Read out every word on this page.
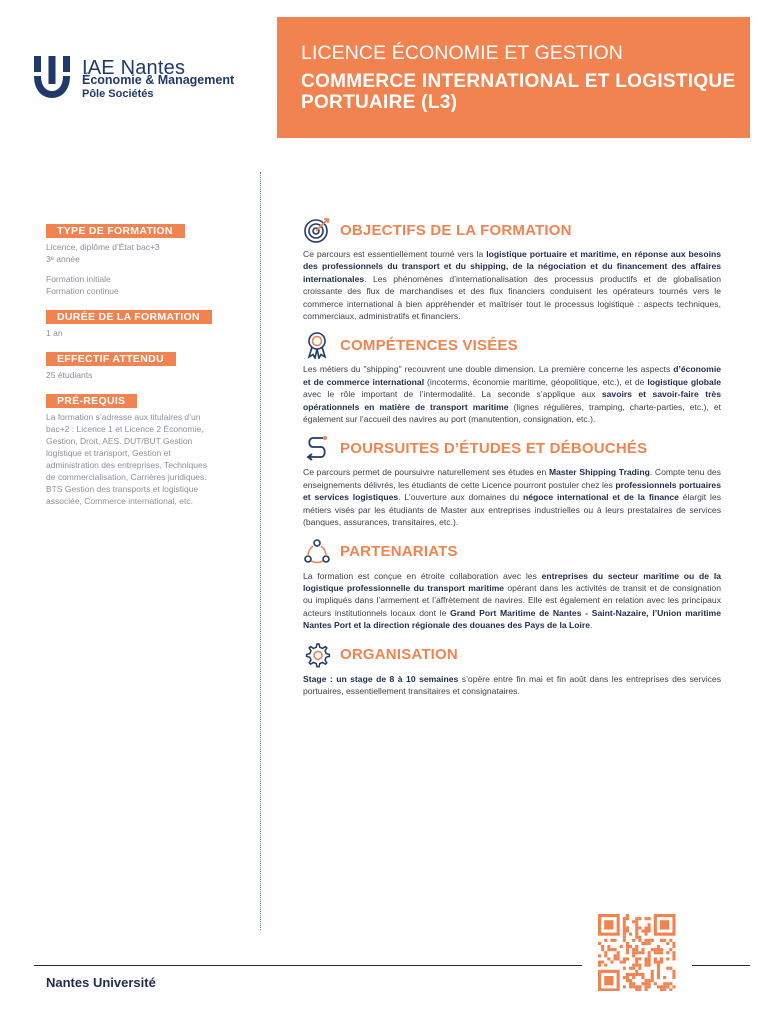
IAE Nantes
Économie & Management
Pôle Sociétés
LICENCE ÉCONOMIE ET GESTION
COMMERCE INTERNATIONAL ET LOGISTIQUE PORTUAIRE (L3)
TYPE DE FORMATION
Licence, diplôme d’État bac+3
3ᵉ année
Formation initiale
Formation continue
DURÉE DE LA FORMATION
1 an
EFFECTIF ATTENDU
25 étudiants
PRÉ-REQUIS
La formation s’adresse aux titulaires d’un bac+2 : Licence 1 et Licence 2 Économie, Gestion, Droit, AES. DUT/BUT Gestion logistique et transport, Gestion et administration des entreprises, Techniques de commercialisation, Carrières juridiques. BTS Gestion des transports et logistique associée, Commerce international, etc.
OBJECTIFS DE LA FORMATION
Ce parcours est essentiellement tourné vers la logistique portuaire et maritime, en réponse aux besoins des professionnels du transport et du shipping, de la négociation et du financement des affaires internationales. Les phénomènes d’internationalisation des processus productifs et de globalisation croissante des flux de marchandises et des flux financiers conduisent les opérateurs tournés vers le commerce international à bien appréhender et maîtriser tout le processus logistique : aspects techniques, commerciaux, administratifs et financiers.
COMPÉTENCES VISÉES
Les métiers du "shipping" recouvrent une double dimension. La première concerne les aspects d’économie et de commerce international (incoterms, économie maritime, géopolitique, etc.), et de logistique globale avec le rôle important de l’intermodalité. La seconde s’applique aux savoirs et savoir-faire très opérationnels en matière de transport maritime (lignes régulières, tramping, charte-parties, etc.), et également sur l’accueil des navires au port (manutention, consignation, etc.).
POURSUITES D’ÉTUDES ET DÉBOUCHÉS
Ce parcours permet de poursuivre naturellement ses études en Master Shipping Trading. Compte tenu des enseignements délivrés, les étudiants de cette Licence pourront postuler chez les professionnels portuaires et services logistiques. L’ouverture aux domaines du négoce international et de la finance élargit les métiers visés par les étudiants de Master aux entreprises industrielles ou à leurs prestataires de services (banques, assurances, transitaires, etc.).
PARTENARIATS
La formation est conçue en étroite collaboration avec les entreprises du secteur maritime ou de la logistique professionnelle du transport maritime opérant dans les activités de transit et de consignation ou impliqués dans l’armement et l’affrètement de navires. Elle est également en relation avec les principaux acteurs institutionnels locaux dont le Grand Port Maritime de Nantes - Saint-Nazaire, l’Union maritime Nantes Port et la direction régionale des douanes des Pays de la Loire.
ORGANISATION
Stage : un stage de 8 à 10 semaines s’opère entre fin mai et fin août dans les entreprises des services portuaires, essentiellement transitaires et consignataires.
Nantes Université
